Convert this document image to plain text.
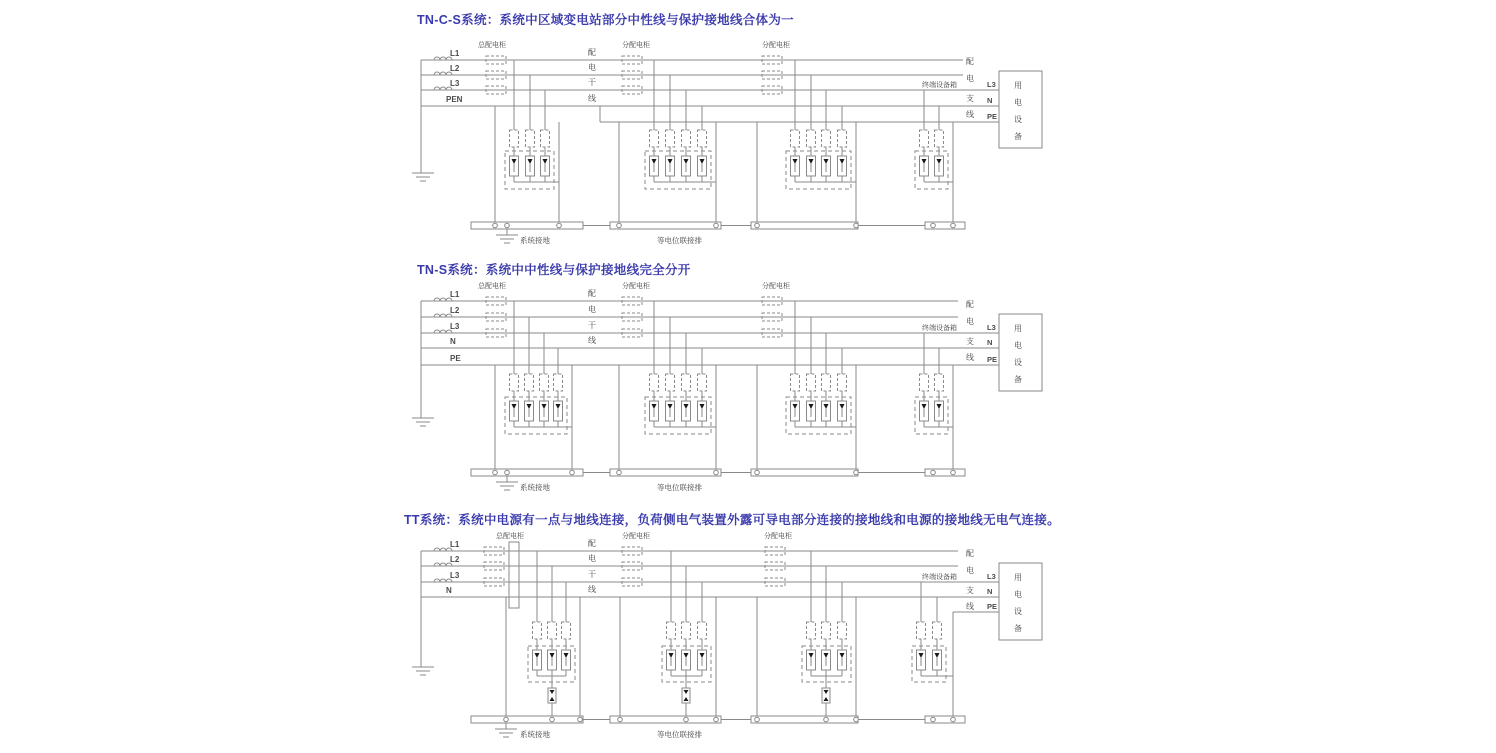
TN-C-S系统：系统中区域变电站部分中性线与保护接地线合体为一
TN-S系统：系统中中性线与保护接地线完全分开
TT系统：系统中电源有一点与地线连接，负荷侧电气装置外露可导电部分连接的接地线和电源的接地线无电气连接。
L1
L2
L3
PEN
总配电柜	分配电柜	分配电柜
配
电
干
线
终端设备箱
配
电
支
线
L3
N
PE
用
电
设
备
系统接地	等电位联接排
L1
L2
L3
N
PE
总配电柜	分配电柜	分配电柜
配
电
干
线
终端设备箱
配
电
支
线
L3
N
PE
用
电
设
备
系统接地	等电位联接排
L1
L2
L3
N
总配电柜	分配电柜	分配电柜
配
电
干
线
终端设备箱
配
电
支
线
L3
N
PE
用
电
设
备
系统接地	等电位联接排
